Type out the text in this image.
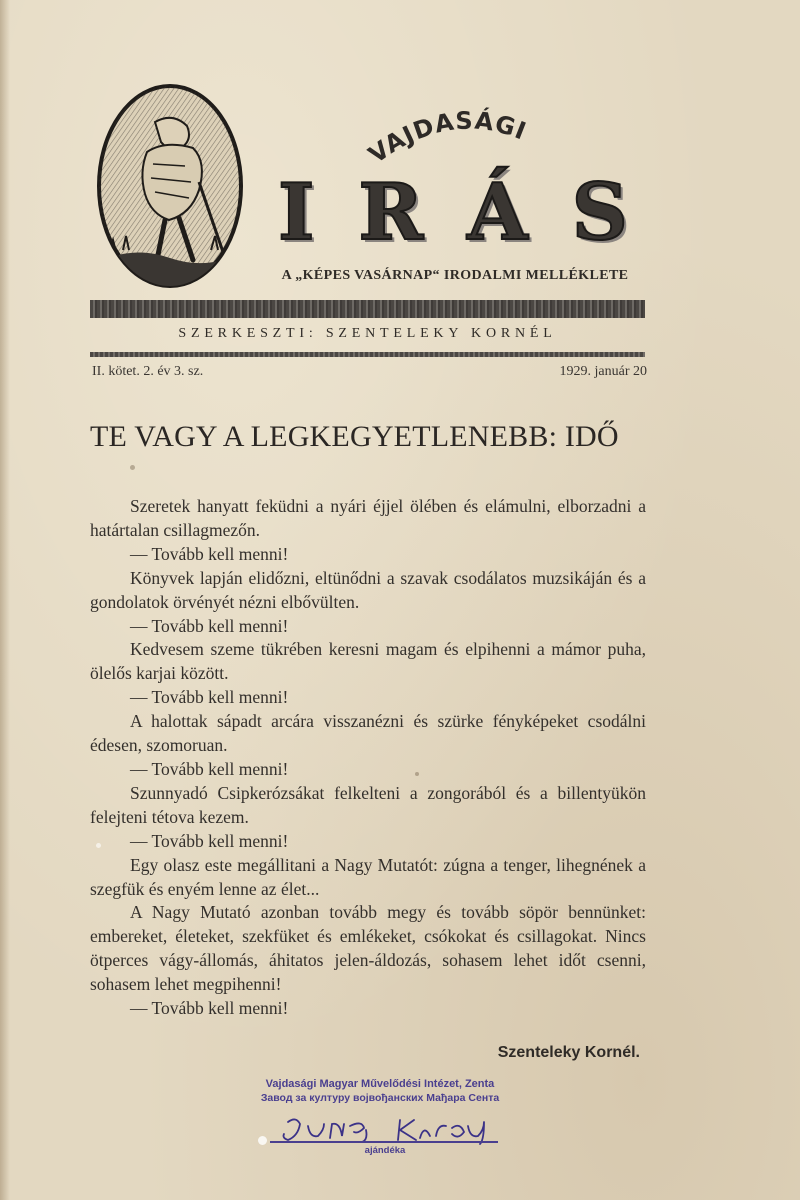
VAJDASÁGI
I R Á S
A „KÉPES VASÁRNAP“ IRODALMI MELLÉKLETE
SZERKESZTI: SZENTELEKY KORNÉL
II. kötet. 2. év 3. sz.	1929. január 20
TE VAGY A LEGKEGYETLENEBB: IDŐ

Szeretek hanyatt feküdni a nyári éjjel ölében és elámulni, elborzadni a határtalan csillagmezőn.

— Tovább kell menni!

Könyvek lapján elidőzni, eltünődni a szavak csodálatos muzsikáján és a gondolatok örvényét nézni elbővülten.

— Tovább kell menni!

Kedvesem szeme tükrében keresni magam és elpihenni a mámor puha, ölelős karjai között.

— Tovább kell menni!

A halottak sápadt arcára visszanézni és szürke fényképeket csodálni édesen, szomoruan.

— Tovább kell menni!

Szunnyadó Csipkerózsákat felkelteni a zongorából és a billentyükön felejteni tétova kezem.

— Tovább kell menni!

Egy olasz este megállitani a Nagy Mutatót: zúgna a tenger, lihegnének a szegfük és enyém lenne az élet...

A Nagy Mutató azonban tovább megy és tovább söpör bennünket: embereket, életeket, szekfüket és emlékeket, csókokat és csillagokat. Nincs ötperces vágy-állomás, áhitatos jelen-áldozás, sohasem lehet időt csenni, sohasem lehet megpihenni!

— Tovább kell menni!

Szenteleky Kornél.
Vajdasági Magyar Művelődési Intézet, Zenta
Завод за културу војвођанских Мађара Сента
ajándéka
